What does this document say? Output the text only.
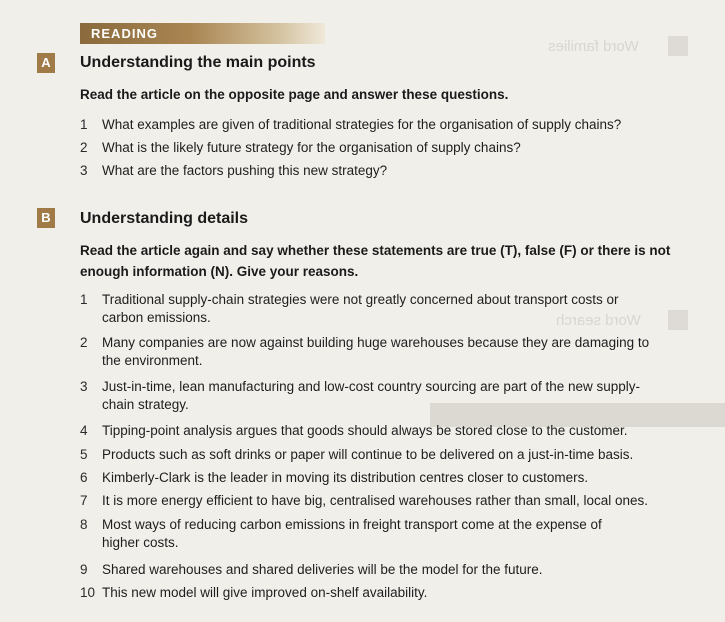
Word families
Word search
READING
A Understanding the main points
Read the article on the opposite page and answer these questions.
1	What examples are given of traditional strategies for the organisation of supply chains?
2	What is the likely future strategy for the organisation of supply chains?
3	What are the factors pushing this new strategy?
B Understanding details
Read the article again and say whether these statements are true (T), false (F) or there is not enough information (N). Give your reasons.
1	Traditional supply-chain strategies were not greatly concerned about transport costs or carbon emissions.
2	Many companies are now against building huge warehouses because they are damaging to the environment.
3	Just-in-time, lean manufacturing and low-cost country sourcing are part of the new supply-chain strategy.
4	Tipping-point analysis argues that goods should always be stored close to the customer.
5	Products such as soft drinks or paper will continue to be delivered on a just-in-time basis.
6	Kimberly-Clark is the leader in moving its distribution centres closer to customers.
7	It is more energy efficient to have big, centralised warehouses rather than small, local ones.
8	Most ways of reducing carbon emissions in freight transport come at the expense of higher costs.
9	Shared warehouses and shared deliveries will be the model for the future.
10 This new model will give improved on-shelf availability.
